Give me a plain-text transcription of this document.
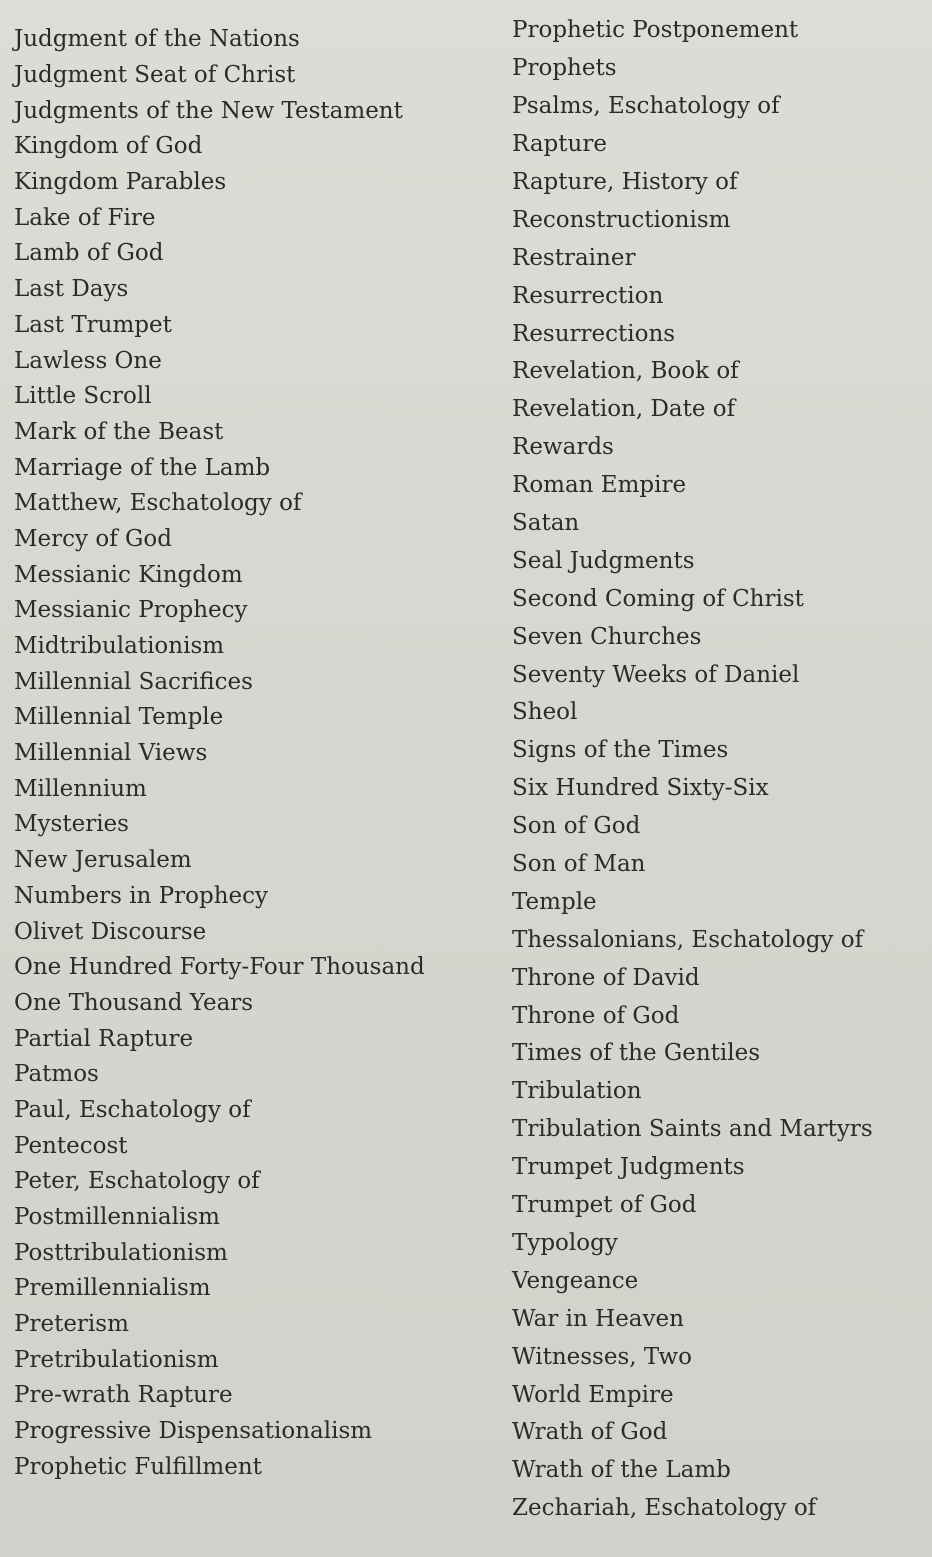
Judgment of the Nations
Judgment Seat of Christ
Judgments of the New Testament
Kingdom of God
Kingdom Parables
Lake of Fire
Lamb of God
Last Days
Last Trumpet
Lawless One
Little Scroll
Mark of the Beast
Marriage of the Lamb
Matthew, Eschatology of
Mercy of God
Messianic Kingdom
Messianic Prophecy
Midtribulationism
Millennial Sacrifices
Millennial Temple
Millennial Views
Millennium
Mysteries
New Jerusalem
Numbers in Prophecy
Olivet Discourse
One Hundred Forty-Four Thousand
One Thousand Years
Partial Rapture
Patmos
Paul, Eschatology of
Pentecost
Peter, Eschatology of
Postmillennialism
Posttribulationism
Premillennialism
Preterism
Pretribulationism
Pre-wrath Rapture
Progressive Dispensationalism
Prophetic Fulfillment
Prophetic Postponement
Prophets
Psalms, Eschatology of
Rapture
Rapture, History of
Reconstructionism
Restrainer
Resurrection
Resurrections
Revelation, Book of
Revelation, Date of
Rewards
Roman Empire
Satan
Seal Judgments
Second Coming of Christ
Seven Churches
Seventy Weeks of Daniel
Sheol
Signs of the Times
Six Hundred Sixty-Six
Son of God
Son of Man
Temple
Thessalonians, Eschatology of
Throne of David
Throne of God
Times of the Gentiles
Tribulation
Tribulation Saints and Martyrs
Trumpet Judgments
Trumpet of God
Typology
Vengeance
War in Heaven
Witnesses, Two
World Empire
Wrath of God
Wrath of the Lamb
Zechariah, Eschatology of
